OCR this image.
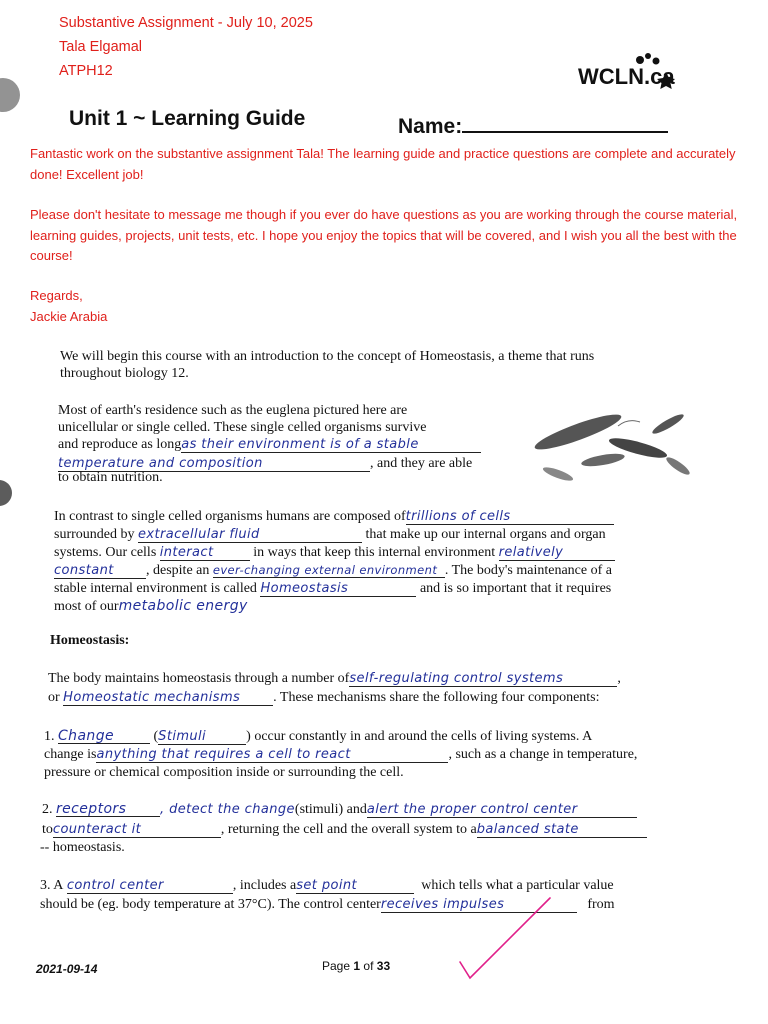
Substantive Assignment - July 10, 2025
Tala Elgamal
ATPH12	WCLN.ca
Unit 1 ~ Learning Guide	Name:
Fantastic work on the substantive assignment Tala! The learning guide and practice questions are complete and accurately done! Excellent job!
Please don't hesitate to message me though if you ever do have questions as you are working through the course material, learning guides, projects, unit tests, etc. I hope you enjoy the topics that will be covered, and I wish you all the best with the course!
Regards,
Jackie Arabia
We will begin this course with an introduction to the concept of Homeostasis, a theme that runs
throughout biology 12.
Most of earth's residence such as the euglena pictured here are
unicellular or single celled. These single celled organisms survive
and reproduce as longas their environment is of a stable
temperature and composition	, and they are able
to obtain nutrition.
In contrast to single celled organisms humans are composed oftrillions of cells
surrounded by extracellular fluid	that make up our internal organs and organ
systems. Our cells interact	in ways that keep this internal environment relatively
constant , despite an ever-changing external environment . The body's maintenance of a
stable internal environment is called Homeostasis	and is so important that it requires
most of ourmetabolic energy
Homeostasis:
The body maintains homeostasis through a number ofself-regulating control systems	,
or Homeostatic mechanisms . These mechanisms share the following four components:
1. Change	(Stimuli	) occur constantly in and around the cells of living systems. A
change isanything that requires a cell to react	, such as a change in temperature,
pressure or chemical composition inside or surrounding the cell.
2. receptors	, detect the change(stimuli) andalert the proper control center
tocounteract it	, returning the cell and the overall system to abalanced state
-- homeostasis.
3. A control center	, includes aset point	which tells what a particular value
should be (eg. body temperature at 37°C). The control centerreceives impulses	from
2021-09-14	Page 1 of 33
